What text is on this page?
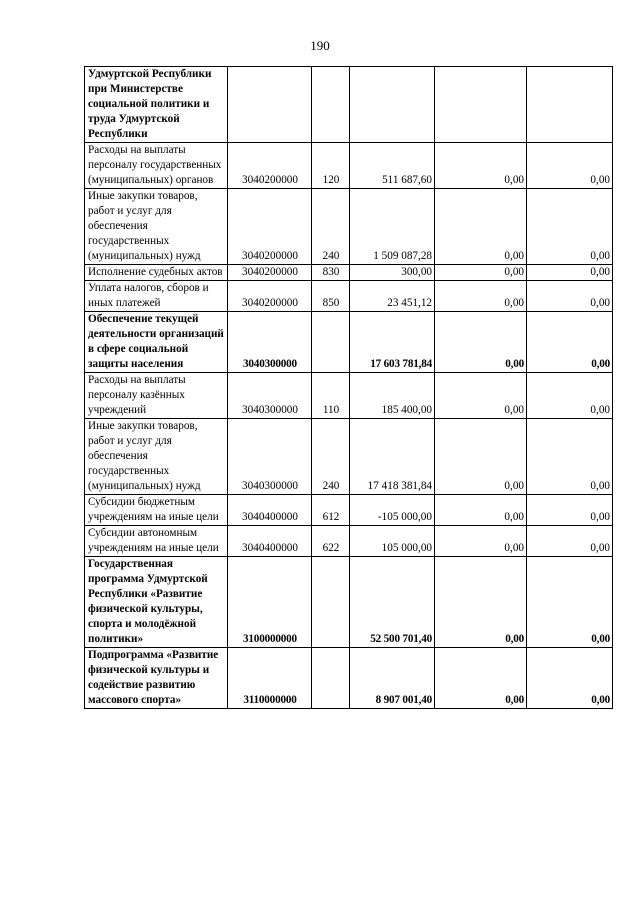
190
Удмуртской Республики при Министерстве социальной политики и труда Удмуртской Республики					
Расходы на выплаты персоналу государственных (муниципальных) органов	3040200000	120	511 687,60	0,00	0,00
Иные закупки товаров, работ и услуг для обеспечения государственных (муниципальных) нужд	3040200000	240	1 509 087,28	0,00	0,00
Исполнение судебных актов	3040200000	830	300,00	0,00	0,00
Уплата налогов, сборов и иных платежей	3040200000	850	23 451,12	0,00	0,00
Обеспечение текущей деятельности организаций в сфере социальной защиты населения	3040300000		17 603 781,84	0,00	0,00
Расходы на выплаты персоналу казённых учреждений	3040300000	110	185 400,00	0,00	0,00
Иные закупки товаров, работ и услуг для обеспечения государственных (муниципальных) нужд	3040300000	240	17 418 381,84	0,00	0,00
Субсидии бюджетным учреждениям на иные цели	3040400000	612	-105 000,00	0,00	0,00
Субсидии автономным учреждениям на иные цели	3040400000	622	105 000,00	0,00	0,00
Государственная программа Удмуртской Республики «Развитие физической культуры, спорта и молодёжной политики»	3100000000		52 500 701,40	0,00	0,00
Подпрограмма «Развитие физической культуры и содействие развитию массового спорта»	3110000000		8 907 001,40	0,00	0,00
